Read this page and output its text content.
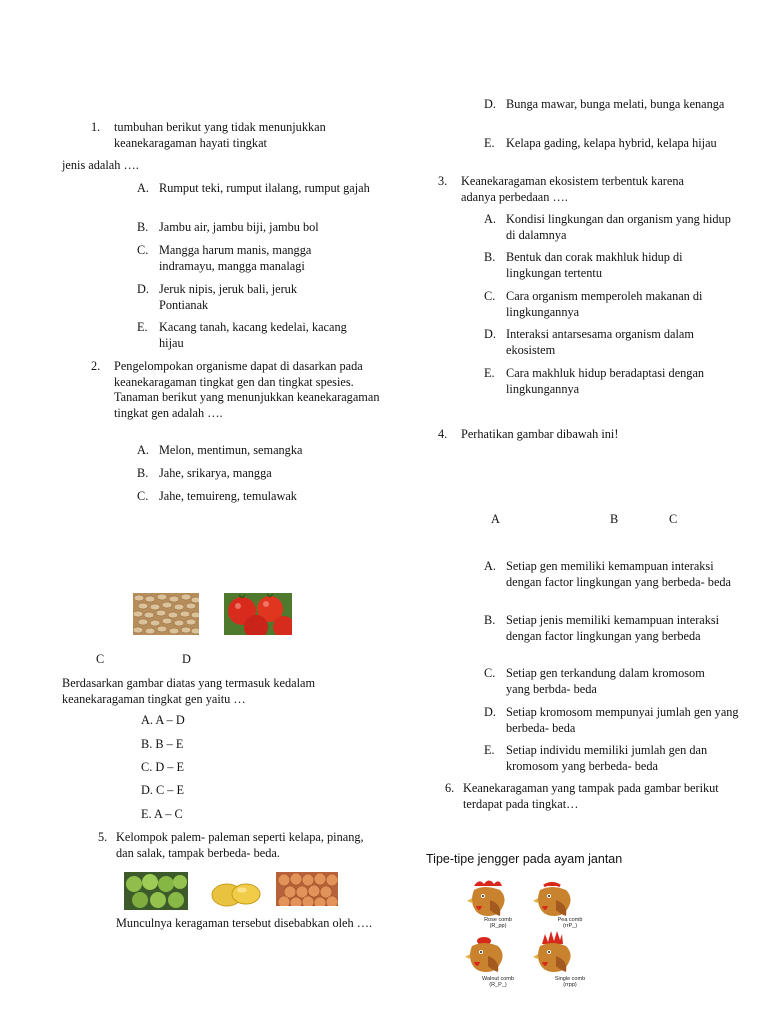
1. tumbuhan berikut yang tidak menunjukkan keanekaragaman hayati tingkat
jenis adalah ….
A. Rumput teki, rumput ilalang, rumput gajah
B. Jambu air, jambu biji, jambu bol
C. Mangga harum manis, mangga indramayu, mangga manalagi
D. Jeruk nipis, jeruk bali, jeruk Pontianak
E. Kacang tanah, kacang kedelai, kacang hijau
2. Pengelompokan organisme dapat di dasarkan pada keanekaragaman tingkat gen dan tingkat spesies. Tanaman berikut yang menunjukkan keanekaragaman tingkat gen adalah ….
A. Melon, mentimun, semangka
B. Jahe, srikarya, mangga
C. Jahe, temuireng, temulawak
C	D
Berdasarkan gambar diatas yang termasuk kedalam keanekaragaman tingkat gen yaitu …
A. A – D
B. B – E
C. D – E
D. C – E
E. A – C
5. Kelompok palem- paleman seperti kelapa, pinang, dan salak, tampak berbeda- beda.
Munculnya keragaman tersebut disebabkan oleh ….
D. Bunga mawar, bunga melati, bunga kenanga
E. Kelapa gading, kelapa hybrid, kelapa hijau
3. Keanekaragaman ekosistem terbentuk karena adanya perbedaan ….
A. Kondisi lingkungan dan organism yang hidup di dalamnya
B. Bentuk dan corak makhluk hidup di lingkungan tertentu
C. Cara organism memperoleh makanan di lingkungannya
D. Interaksi antarsesama organism dalam ekosistem
E. Cara makhluk hidup beradaptasi dengan lingkungannya
4. Perhatikan gambar dibawah ini!
A	B	C
A. Setiap gen memiliki kemampuan interaksi dengan factor lingkungan yang berbeda- beda
B. Setiap jenis memiliki kemampuan interaksi dengan factor lingkungan yang berbeda
C. Setiap gen terkandung dalam kromosom yang berbda- beda
D. Setiap kromosom mempunyai jumlah gen yang berbeda- beda
E. Setiap individu memiliki jumlah gen dan kromosom yang berbeda- beda
6. Keanekaragaman yang tampak pada gambar berikut terdapat pada tingkat…
Tipe-tipe jengger pada ayam jantan
Rose comb
(R_pp)
Pea comb
(rrP_)
Walnut comb
(R_P_)
Single comb
(rrpp)
